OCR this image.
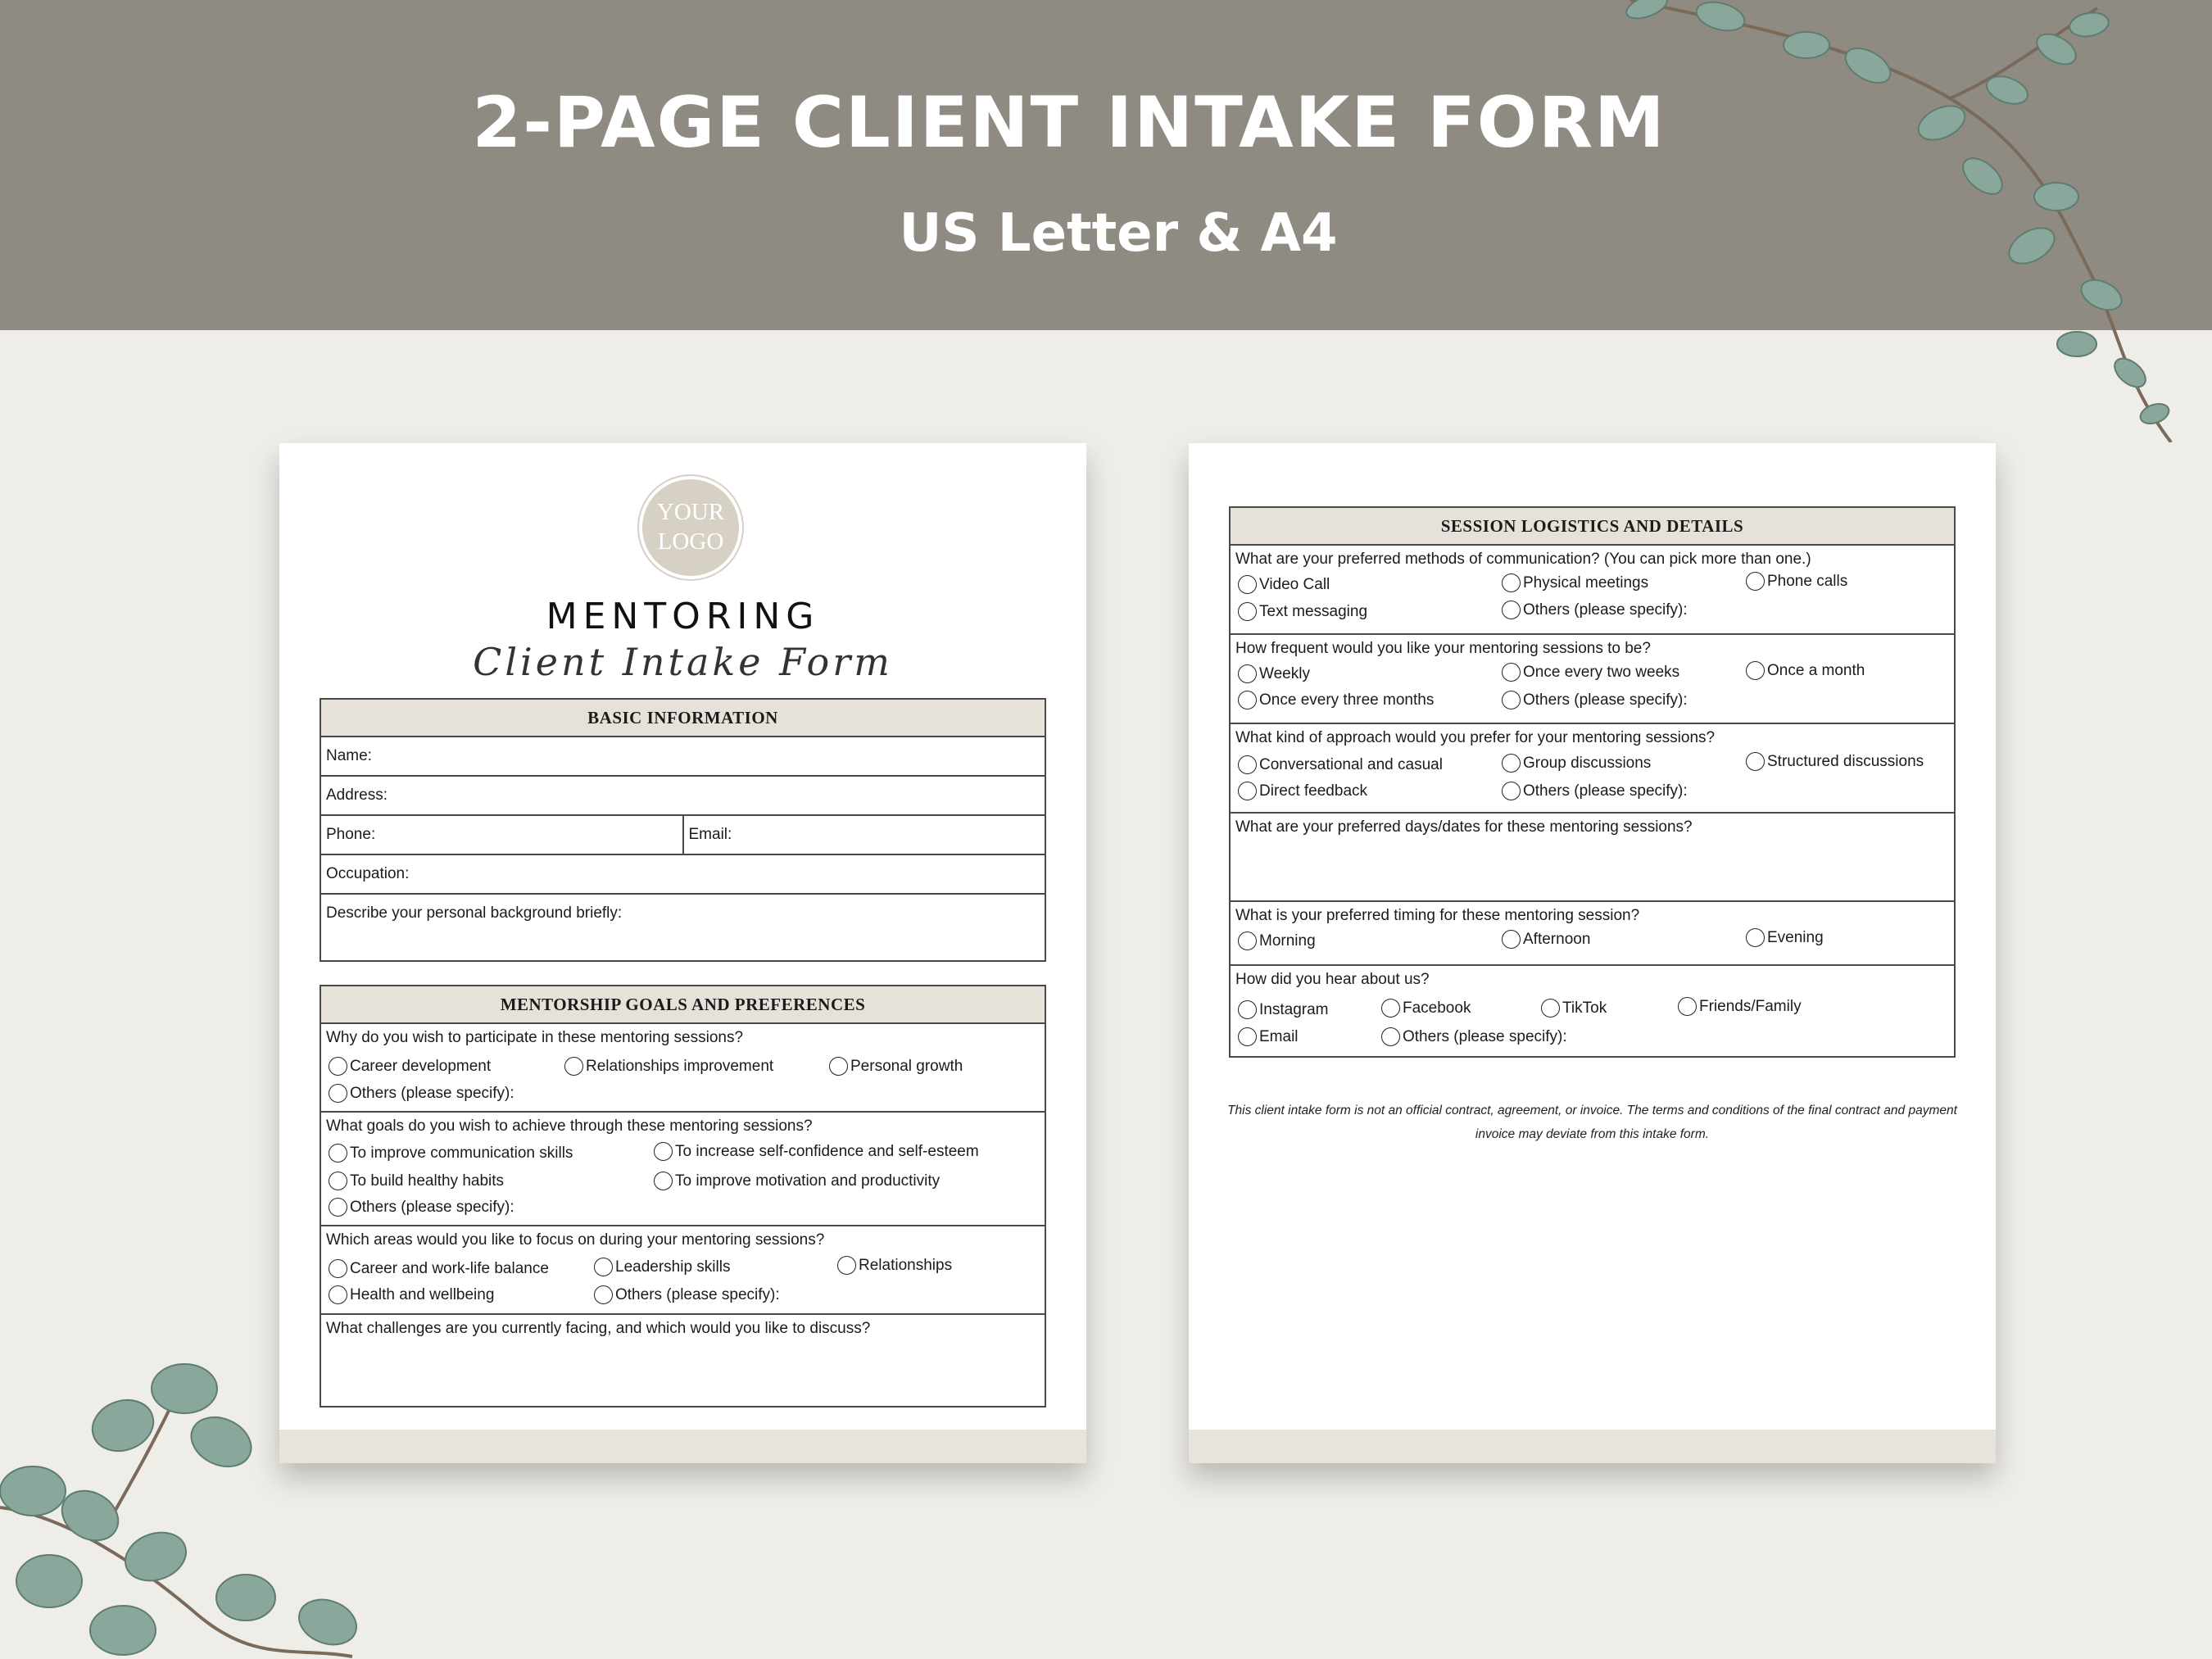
2-PAGE CLIENT INTAKE FORM
US Letter & A4
YOUR
LOGO
MENTORING
Client Intake Form
BASIC INFORMATION
Name:
Address:
Phone:	Email:
Occupation:
Describe your personal background briefly:
MENTORSHIP GOALS AND PREFERENCES
Why do you wish to participate in these mentoring sessions?
Career development	Relationships improvement	Personal growth
Others (please specify):
What goals do you wish to achieve through these mentoring sessions?
To improve communication skills	To increase self-confidence and self-esteem
To build healthy habits	To improve motivation and productivity
Others (please specify):
Which areas would you like to focus on during your mentoring sessions?
Career and work-life balance	Leadership skills	Relationships
Health and wellbeing	Others (please specify):
What challenges are you currently facing, and which would you like to discuss?
SESSION LOGISTICS AND DETAILS
What are your preferred methods of communication? (You can pick more than one.)
Video Call	Physical meetings	Phone calls
Text messaging	Others (please specify):
How frequent would you like your mentoring sessions to be?
Weekly	Once every two weeks	Once a month
Once every three months	Others (please specify):
What kind of approach would you prefer for your mentoring sessions?
Conversational and casual	Group discussions	Structured discussions
Direct feedback	Others (please specify):
What are your preferred days/dates for these mentoring sessions?
What is your preferred timing for these mentoring session?
Morning	Afternoon	Evening
How did you hear about us?
Instagram	Facebook	TikTok	Friends/Family
Email	Others (please specify):
This client intake form is not an official contract, agreement, or invoice. The terms and conditions of the final contract and payment invoice may deviate from this intake form.
